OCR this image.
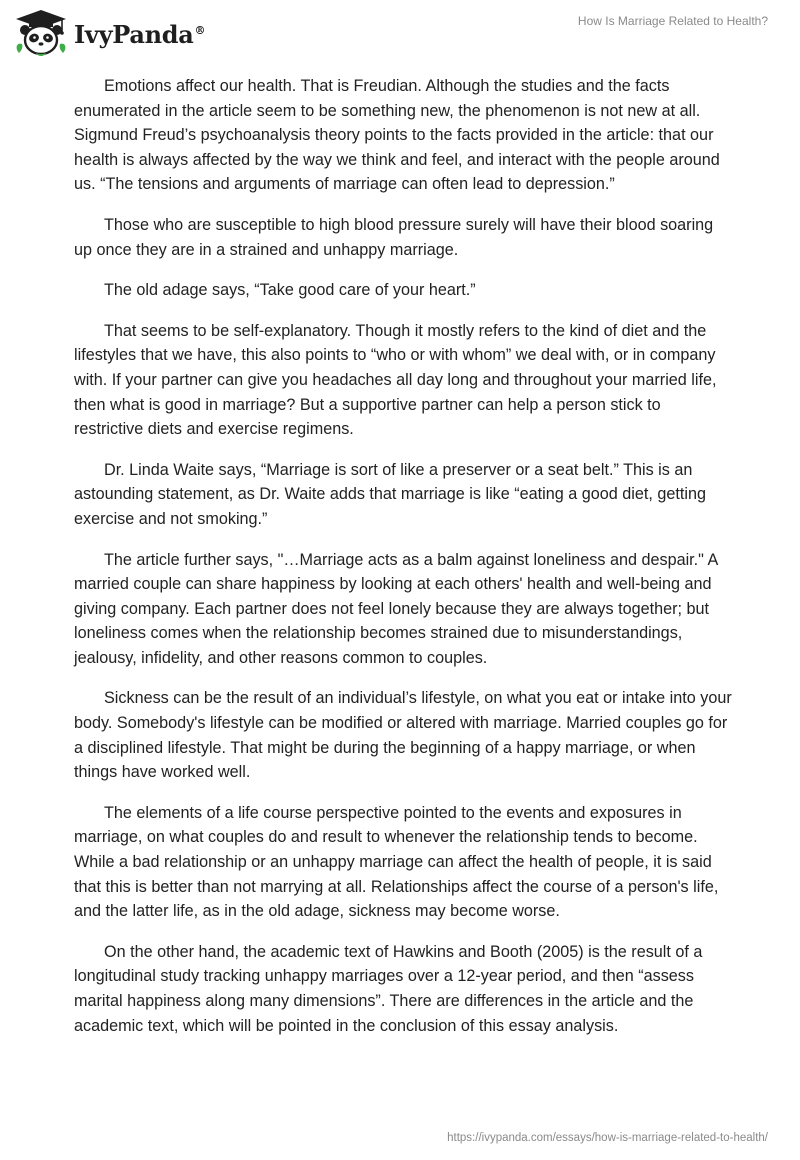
IvyPanda®
How Is Marriage Related to Health?

Emotions affect our health. That is Freudian. Although the studies and the facts enumerated in the article seem to be something new, the phenomenon is not new at all. Sigmund Freud’s psychoanalysis theory points to the facts provided in the article: that our health is always affected by the way we think and feel, and interact with the people around us. “The tensions and arguments of marriage can often lead to depression.”

Those who are susceptible to high blood pressure surely will have their blood soaring up once they are in a strained and unhappy marriage.

The old adage says, “Take good care of your heart.”

That seems to be self-explanatory. Though it mostly refers to the kind of diet and the lifestyles that we have, this also points to “who or with whom” we deal with, or in company with. If your partner can give you headaches all day long and throughout your married life, then what is good in marriage? But a supportive partner can help a person stick to restrictive diets and exercise regimens.

Dr. Linda Waite says, “Marriage is sort of like a preserver or a seat belt.” This is an astounding statement, as Dr. Waite adds that marriage is like “eating a good diet, getting exercise and not smoking.”

The article further says, "…Marriage acts as a balm against loneliness and despair." A married couple can share happiness by looking at each others' health and well-being and giving company. Each partner does not feel lonely because they are always together; but loneliness comes when the relationship becomes strained due to misunderstandings, jealousy, infidelity, and other reasons common to couples.

Sickness can be the result of an individual’s lifestyle, on what you eat or intake into your body. Somebody's lifestyle can be modified or altered with marriage. Married couples go for a disciplined lifestyle. That might be during the beginning of a happy marriage, or when things have worked well.

The elements of a life course perspective pointed to the events and exposures in marriage, on what couples do and result to whenever the relationship tends to become. While a bad relationship or an unhappy marriage can affect the health of people, it is said that this is better than not marrying at all. Relationships affect the course of a person's life, and the latter life, as in the old adage, sickness may become worse.

On the other hand, the academic text of Hawkins and Booth (2005) is the result of a longitudinal study tracking unhappy marriages over a 12-year period, and then “assess marital happiness along many dimensions”. There are differences in the article and the academic text, which will be pointed in the conclusion of this essay analysis.

https://ivypanda.com/essays/how-is-marriage-related-to-health/
